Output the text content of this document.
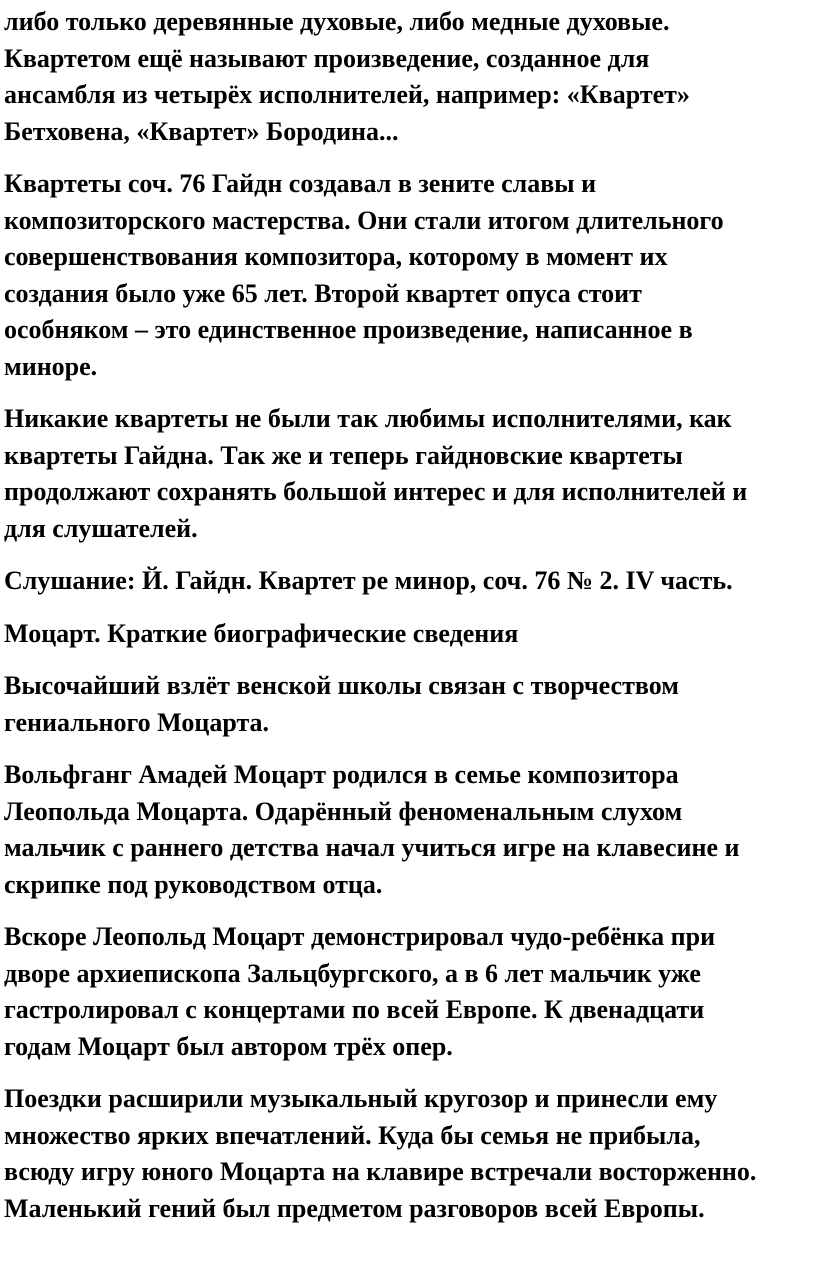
либо только деревянные духовые, либо медные духовые.
Квартетом ещё называют произведение, созданное для
ансамбля из четырёх исполнителей, например: «Квартет»
Бетховена, «Квартет» Бородина...
Квартеты соч. 76 Гайдн создавал в зените славы и
композиторского мастерства. Они стали итогом длительного
совершенствования композитора, которому в момент их
создания было уже 65 лет. Второй квартет опуса стоит
особняком – это единственное произведение, написанное в
миноре.
Никакие квартеты не были так любимы исполнителями, как
квартеты Гайдна. Так же и теперь гайдновские квартеты
продолжают сохранять большой интерес и для исполнителей и
для слушателей.
Слушание: Й. Гайдн. Квартет ре минор, соч. 76 № 2. IV часть.
Моцарт. Краткие биографические сведения
Высочайший взлёт венской школы связан с творчеством
гениального Моцарта.
Вольфганг Амадей Моцарт родился в семье композитора
Леопольда Моцарта. Одарённый феноменальным слухом
мальчик с раннего детства начал учиться игре на клавесине и
скрипке под руководством отца.
Вскоре Леопольд Моцарт демонстрировал чудо-ребёнка при
дворе архиепископа Зальцбургского, а в 6 лет мальчик уже
гастролировал с концертами по всей Европе. К двенадцати
годам Моцарт был автором трёх опер.
Поездки расширили музыкальный кругозор и принесли ему
множество ярких впечатлений. Куда бы семья не прибыла,
всюду игру юного Моцарта на клавире встречали восторженно.
Маленький гений был предметом разговоров всей Европы.
